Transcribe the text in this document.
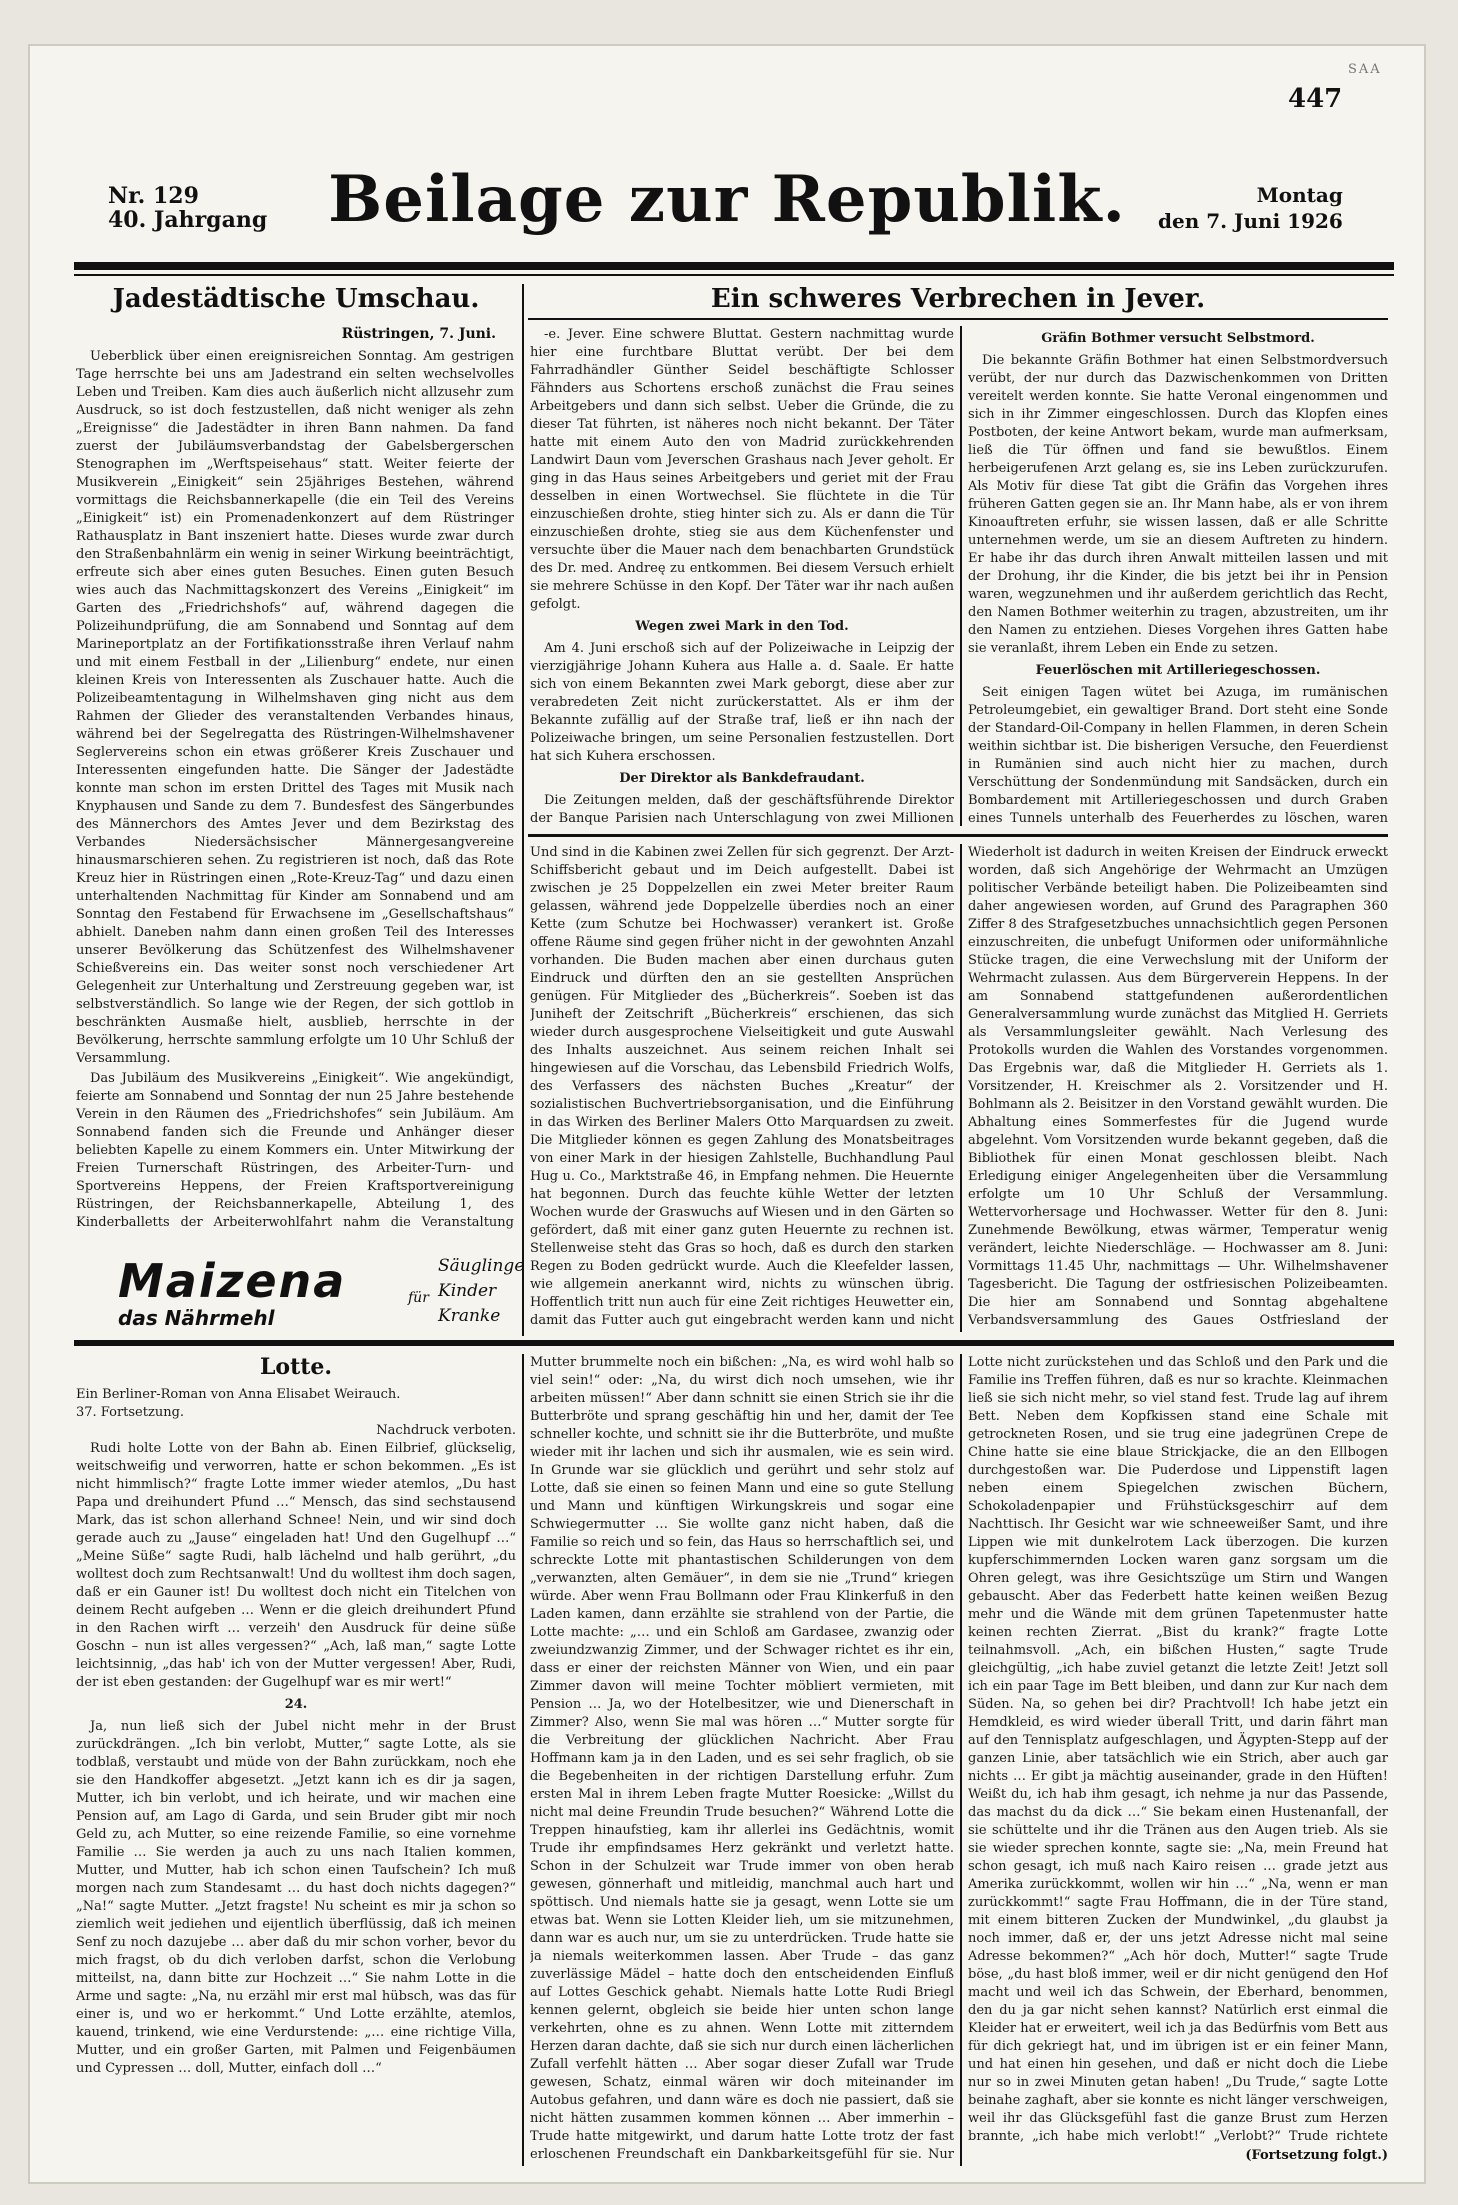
SAA
447
Nr. 129
40. Jahrgang Beilage zur Republik.	Montag
den 7. Juni 1926
Jadestädtische Umschau.
Rüstringen, 7. Juni.

Ueberblick über einen ereignisreichen Sonntag. Am gestrigen Tage herrschte bei uns am Jadestrand ein selten wechselvolles Leben und Treiben. Kam dies auch äußerlich nicht allzusehr zum Ausdruck, so ist doch festzustellen, daß nicht weniger als zehn „Ereignisse“ die Jadestädter in ihren Bann nahmen. Da fand zuerst der Jubiläumsverbandstag der Gabelsbergerschen Stenographen im „Werftspeisehaus“ statt. Weiter feierte der Musikverein „Einigkeit“ sein 25jähriges Bestehen, während vormittags die Reichsbannerkapelle (die ein Teil des Vereins „Einigkeit“ ist) ein Promenadenkonzert auf dem Rüstringer Rathausplatz in Bant inszeniert hatte. Dieses wurde zwar durch den Straßenbahnlärm ein wenig in seiner Wirkung beeinträchtigt, erfreute sich aber eines guten Besuches. Einen guten Besuch wies auch das Nachmittagskonzert des Vereins „Einigkeit“ im Garten des „Friedrichshofs“ auf, während dagegen die Polizeihundprüfung, die am Sonnabend und Sonntag auf dem Marineportplatz an der Fortifikationsstraße ihren Verlauf nahm und mit einem Festball in der „Lilienburg“ endete, nur einen kleinen Kreis von Interessenten als Zuschauer hatte. Auch die Polizeibeamtentagung in Wilhelmshaven ging nicht aus dem Rahmen der Glieder des veranstaltenden Verbandes hinaus, während bei der Segelregatta des Rüstringen-Wilhelmshavener Seglervereins schon ein etwas größerer Kreis Zuschauer und Interessenten eingefunden hatte. Die Sänger der Jadestädte konnte man schon im ersten Drittel des Tages mit Musik nach Knyphausen und Sande zu dem 7. Bundesfest des Sängerbundes des Männerchors des Amtes Jever und dem Bezirkstag des Verbandes Niedersächsischer Männergesangvereine hinausmarschieren sehen. Zu registrieren ist noch, daß das Rote Kreuz hier in Rüstringen einen „Rote-Kreuz-Tag“ und dazu einen unterhaltenden Nachmittag für Kinder am Sonnabend und am Sonntag den Festabend für Erwachsene im „Gesellschaftshaus“ abhielt. Daneben nahm dann einen großen Teil des Interesses unserer Bevölkerung das Schützenfest des Wilhelmshavener Schießvereins ein. Das weiter sonst noch verschiedener Art Gelegenheit zur Unterhaltung und Zerstreuung gegeben war, ist selbstverständlich. So lange wie der Regen, der sich gottlob in beschränkten Ausmaße hielt, ausblieb, herrschte in der Bevölkerung, herrschte sammlung erfolgte um 10 Uhr Schluß der Versammlung.

Das Jubiläum des Musikvereins „Einigkeit“. Wie angekündigt, feierte am Sonnabend und Sonntag der nun 25 Jahre bestehende Verein in den Räumen des „Friedrichshofes“ sein Jubiläum. Am Sonnabend fanden sich die Freunde und Anhänger dieser beliebten Kapelle zu einem Kommers ein. Unter Mitwirkung der Freien Turnerschaft Rüstringen, des Arbeiter-Turn- und Sportvereins Heppens, der Freien Kraftsportvereinigung Rüstringen, der Reichsbannerkapelle, Abteilung 1, des Kinderballetts der Arbeiterwohlfahrt nahm die Veranstaltung

Ein schweres Verbrechen in Jever.

-e. Jever. Eine schwere Bluttat. Gestern nachmittag wurde hier eine furchtbare Bluttat verübt. Der bei dem Fahrradhändler Günther Seidel beschäftigte Schlosser Fähnders aus Schortens erschoß zunächst die Frau seines Arbeitgebers und dann sich selbst. Ueber die Gründe, die zu dieser Tat führten, ist näheres noch nicht bekannt. Der Täter hatte mit einem Auto den von Madrid zurückkehrenden Landwirt Daun vom Jeverschen Grashaus nach Jever geholt. Er ging in das Haus seines Arbeitgebers und geriet mit der Frau desselben in einen Wortwechsel. Sie flüchtete in die Tür einzuschießen drohte, stieg hinter sich zu. Als er dann die Tür einzuschießen drohte, stieg sie aus dem Küchenfenster und versuchte über die Mauer nach dem benachbarten Grundstück des Dr. med. Andreę zu entkommen. Bei diesem Versuch erhielt sie mehrere Schüsse in den Kopf. Der Täter war ihr nach außen gefolgt.

Wegen zwei Mark in den Tod.

Am 4. Juni erschoß sich auf der Polizeiwache in Leipzig der vierzigjährige Johann Kuhera aus Halle a. d. Saale. Er hatte sich von einem Bekannten zwei Mark geborgt, diese aber zur verabredeten Zeit nicht zurückerstattet. Als er ihm der Bekannte zufällig auf der Straße traf, ließ er ihn nach der Polizeiwache bringen, um seine Personalien festzustellen. Dort hat sich Kuhera erschossen.

Der Direktor als Bankdefraudant.

Die Zeitungen melden, daß der geschäftsführende Direktor der Banque Parisien nach Unterschlagung von zwei Millionen

Gräfin Bothmer versucht Selbstmord.

Die bekannte Gräfin Bothmer hat einen Selbstmordversuch verübt, der nur durch das Dazwischenkommen von Dritten vereitelt werden konnte. Sie hatte Veronal eingenommen und sich in ihr Zimmer eingeschlossen. Durch das Klopfen eines Postboten, der keine Antwort bekam, wurde man aufmerksam, ließ die Tür öffnen und fand sie bewußtlos. Einem herbeigerufenen Arzt gelang es, sie ins Leben zurückzurufen. Als Motiv für diese Tat gibt die Gräfin das Vorgehen ihres früheren Gatten gegen sie an. Ihr Mann habe, als er von ihrem Kinoauftreten erfuhr, sie wissen lassen, daß er alle Schritte unternehmen werde, um sie an diesem Auftreten zu hindern. Er habe ihr das durch ihren Anwalt mitteilen lassen und mit der Drohung, ihr die Kinder, die bis jetzt bei ihr in Pension waren, wegzunehmen und ihr außerdem gerichtlich das Recht, den Namen Bothmer weiterhin zu tragen, abzustreiten, um ihr den Namen zu entziehen. Dieses Vorgehen ihres Gatten habe sie veranlaßt, ihrem Leben ein Ende zu setzen.

Feuerlöschen mit Artilleriegeschossen.

Seit einigen Tagen wütet bei Azuga, im rumänischen Petroleumgebiet, ein gewaltiger Brand. Dort steht eine Sonde der Standard-Oil-Company in hellen Flammen, in deren Schein weithin sichtbar ist. Die bisherigen Versuche, den Feuerdienst in Rumänien sind auch nicht hier zu machen, durch Verschüttung der Sondenmündung mit Sandsäcken, durch ein Bombardement mit Artilleriegeschossen und durch Graben eines Tunnels unterhalb des Feuerherdes zu löschen, waren

Und sind in die Kabinen zwei Zellen für sich gegrenzt. Der Arzt-Schiffsbericht gebaut und im Deich aufgestellt. Dabei ist zwischen je 25 Doppelzellen ein zwei Meter breiter Raum gelassen, während jede Doppelzelle überdies noch an einer Kette (zum Schutze bei Hochwasser) verankert ist. Große offene Räume sind gegen früher nicht in der gewohnten Anzahl vorhanden. Die Buden machen aber einen durchaus guten Eindruck und dürften den an sie gestellten Ansprüchen genügen. Für Mitglieder des „Bücherkreis“. Soeben ist das Juniheft der Zeitschrift „Bücherkreis“ erschienen, das sich wieder durch ausgesprochene Vielseitigkeit und gute Auswahl des Inhalts auszeichnet. Aus seinem reichen Inhalt sei hingewiesen auf die Vorschau, das Lebensbild Friedrich Wolfs, des Verfassers des nächsten Buches „Kreatur“ der sozialistischen Buchvertriebsorganisation, und die Einführung in das Wirken des Berliner Malers Otto Marquardsen zu zweit. Die Mitglieder können es gegen Zahlung des Monatsbeitrages von einer Mark in der hiesigen Zahlstelle, Buchhandlung Paul Hug u. Co., Marktstraße 46, in Empfang nehmen. Die Heuernte hat begonnen. Durch das feuchte kühle Wetter der letzten Wochen wurde der Graswuchs auf Wiesen und in den Gärten so gefördert, daß mit einer ganz guten Heuernte zu rechnen ist. Stellenweise steht das Gras so hoch, daß es durch den starken Regen zu Boden gedrückt wurde. Auch die Kleefelder lassen, wie allgemein anerkannt wird, nichts zu wünschen übrig. Hoffentlich tritt nun auch für eine Zeit richtiges Heuwetter ein, damit das Futter auch gut eingebracht werden kann und nicht
Wiederholt ist dadurch in weiten Kreisen der Eindruck erweckt worden, daß sich Angehörige der Wehrmacht an Umzügen politischer Verbände beteiligt haben. Die Polizeibeamten sind daher angewiesen worden, auf Grund des Paragraphen 360 Ziffer 8 des Strafgesetzbuches unnachsichtlich gegen Personen einzuschreiten, die unbefugt Uniformen oder uniformähnliche Stücke tragen, die eine Verwechslung mit der Uniform der Wehrmacht zulassen. Aus dem Bürgerverein Heppens. In der am Sonnabend stattgefundenen außerordentlichen Generalversammlung wurde zunächst das Mitglied H. Gerriets als Versammlungsleiter gewählt. Nach Verlesung des Protokolls wurden die Wahlen des Vorstandes vorgenommen. Das Ergebnis war, daß die Mitglieder H. Gerriets als 1. Vorsitzender, H. Kreischmer als 2. Vorsitzender und H. Bohlmann als 2. Beisitzer in den Vorstand gewählt wurden. Die Abhaltung eines Sommerfestes für die Jugend wurde abgelehnt. Vom Vorsitzenden wurde bekannt gegeben, daß die Bibliothek für einen Monat geschlossen bleibt. Nach Erledigung einiger Angelegenheiten über die Versammlung erfolgte um 10 Uhr Schluß der Versammlung. Wettervorhersage und Hochwasser. Wetter für den 8. Juni: Zunehmende Bewölkung, etwas wärmer, Temperatur wenig verändert, leichte Niederschläge. — Hochwasser am 8. Juni: Vormittags 11.45 Uhr, nachmittags — Uhr. Wilhelmshavener Tagesbericht. Die Tagung der ostfriesischen Polizeibeamten. Die hier am Sonnabend und Sonntag abgehaltene Verbandsversammlung des Gaues Ostfriesland der
Maizena
das Nährmehl
für
Säuglinge
Kinder
Kranke
Lotte.
Ein Berliner-Roman von Anna Elisabet Weirauch.
37. Fortsetzung.
Nachdruck verboten.

Rudi holte Lotte von der Bahn ab. Einen Eilbrief, glückselig, weitschweifig und verworren, hatte er schon bekommen. „Es ist nicht himmlisch?“ fragte Lotte immer wieder atemlos, „Du hast Papa und dreihundert Pfund …“ Mensch, das sind sechstausend Mark, das ist schon allerhand Schnee! Nein, und wir sind doch gerade auch zu „Jause“ eingeladen hat! Und den Gugelhupf …“ „Meine Süße“ sagte Rudi, halb lächelnd und halb gerührt, „du wolltest doch zum Rechtsanwalt! Und du wolltest ihm doch sagen, daß er ein Gauner ist! Du wolltest doch nicht ein Titelchen von deinem Recht aufgeben … Wenn er die gleich dreihundert Pfund in den Rachen wirft … verzeih' den Ausdruck für deine süße Goschn – nun ist alles vergessen?“ „Ach, laß man,“ sagte Lotte leichtsinnig, „das hab' ich von der Mutter vergessen! Aber, Rudi, der ist eben gestanden: der Gugelhupf war es mir wert!“

24.

Ja, nun ließ sich der Jubel nicht mehr in der Brust zurückdrängen. „Ich bin verlobt, Mutter,“ sagte Lotte, als sie todblaß, verstaubt und müde von der Bahn zurückkam, noch ehe sie den Handkoffer abgesetzt. „Jetzt kann ich es dir ja sagen, Mutter, ich bin verlobt, und ich heirate, und wir machen eine Pension auf, am Lago di Garda, und sein Bruder gibt mir noch Geld zu, ach Mutter, so eine reizende Familie, so eine vornehme Familie … Sie werden ja auch zu uns nach Italien kommen, Mutter, und Mutter, hab ich schon einen Taufschein? Ich muß morgen nach zum Standesamt … du hast doch nichts dagegen?“ „Na!“ sagte Mutter. „Jetzt fragste! Nu scheint es mir ja schon so ziemlich weit jediehen und eijentlich überflüssig, daß ich meinen Senf zu noch dazujebe … aber daß du mir schon vorher, bevor du mich fragst, ob du dich verloben darfst, schon die Verlobung mitteilst, na, dann bitte zur Hochzeit …“ Sie nahm Lotte in die Arme und sagte: „Na, nu erzähl mir erst mal hübsch, was das für einer is, und wo er herkommt.“ Und Lotte erzählte, atemlos, kauend, trinkend, wie eine Verdurstende: „… eine richtige Villa, Mutter, und ein großer Garten, mit Palmen und Feigenbäumen und Cypressen … doll, Mutter, einfach doll …“

Mutter brummelte noch ein bißchen: „Na, es wird wohl halb so viel sein!“ oder: „Na, du wirst dich noch umsehen, wie ihr arbeiten müssen!“ Aber dann schnitt sie einen Strich sie ihr die Butterbröte und sprang geschäftig hin und her, damit der Tee schneller kochte, und schnitt sie ihr die Butterbröte, und mußte wieder mit ihr lachen und sich ihr ausmalen, wie es sein wird. In Grunde war sie glücklich und gerührt und sehr stolz auf Lotte, daß sie einen so feinen Mann und eine so gute Stellung und Mann und künftigen Wirkungskreis und sogar eine Schwiegermutter … Sie wollte ganz nicht haben, daß die Familie so reich und so fein, das Haus so herrschaftlich sei, und schreckte Lotte mit phantastischen Schilderungen von dem „verwanzten, alten Gemäuer“, in dem sie nie „Trund“ kriegen würde. Aber wenn Frau Bollmann oder Frau Klinkerfuß in den Laden kamen, dann erzählte sie strahlend von der Partie, die Lotte machte: „… und ein Schloß am Gardasee, zwanzig oder zweiundzwanzig Zimmer, und der Schwager richtet es ihr ein, dass er einer der reichsten Männer von Wien, und ein paar Zimmer davon will meine Tochter möbliert vermieten, mit Pension … Ja, wo der Hotelbesitzer, wie und Dienerschaft in Zimmer? Also, wenn Sie mal was hören …“ Mutter sorgte für die Verbreitung der glücklichen Nachricht. Aber Frau Hoffmann kam ja in den Laden, und es sei sehr fraglich, ob sie die Begebenheiten in der richtigen Darstellung erfuhr. Zum ersten Mal in ihrem Leben fragte Mutter Roesicke: „Willst du nicht mal deine Freundin Trude besuchen?“ Während Lotte die Treppen hinaufstieg, kam ihr allerlei ins Gedächtnis, womit Trude ihr empfindsames Herz gekränkt und verletzt hatte. Schon in der Schulzeit war Trude immer von oben herab gewesen, gönnerhaft und mitleidig, manchmal auch hart und spöttisch. Und niemals hatte sie ja gesagt, wenn Lotte sie um etwas bat. Wenn sie Lotten Kleider lieh, um sie mitzunehmen, dann war es auch nur, um sie zu unterdrücken. Trude hatte sie ja niemals weiterkommen lassen. Aber Trude – das ganz zuverlässige Mädel – hatte doch den entscheidenden Einfluß auf Lottes Geschick gehabt. Niemals hatte Lotte Rudi Briegl kennen gelernt, obgleich sie beide hier unten schon lange verkehrten, ohne es zu ahnen. Wenn Lotte mit zitterndem Herzen daran dachte, daß sie sich nur durch einen lächerlichen Zufall verfehlt hätten … Aber sogar dieser Zufall war Trude gewesen, Schatz, einmal wären wir doch miteinander im Autobus gefahren, und dann wäre es doch nie passiert, daß sie nicht hätten zusammen kommen können … Aber immerhin – Trude hatte mitgewirkt, und darum hatte Lotte trotz der fast erloschenen Freundschaft ein Dankbarkeitsgefühl für sie. Nur
Lotte nicht zurückstehen und das Schloß und den Park und die Familie ins Treffen führen, daß es nur so krachte. Kleinmachen ließ sie sich nicht mehr, so viel stand fest. Trude lag auf ihrem Bett. Neben dem Kopfkissen stand eine Schale mit getrockneten Rosen, und sie trug eine jadegrünen Crepe de Chine hatte sie eine blaue Strickjacke, die an den Ellbogen durchgestoßen war. Die Puderdose und Lippenstift lagen neben einem Spiegelchen zwischen Büchern, Schokoladenpapier und Frühstücksgeschirr auf dem Nachttisch. Ihr Gesicht war wie schneeweißer Samt, und ihre Lippen wie mit dunkelrotem Lack überzogen. Die kurzen kupferschimmernden Locken waren ganz sorgsam um die Ohren gelegt, was ihre Gesichtszüge um Stirn und Wangen gebauscht. Aber das Federbett hatte keinen weißen Bezug mehr und die Wände mit dem grünen Tapetenmuster hatte keinen rechten Zierrat. „Bist du krank?“ fragte Lotte teilnahmsvoll. „Ach, ein bißchen Husten,“ sagte Trude gleichgültig, „ich habe zuviel getanzt die letzte Zeit! Jetzt soll ich ein paar Tage im Bett bleiben, und dann zur Kur nach dem Süden. Na, so gehen bei dir? Prachtvoll! Ich habe jetzt ein Hemdkleid, es wird wieder überall Tritt, und darin fährt man auf den Tennisplatz aufgeschlagen, und Ägypten-Stepp auf der ganzen Linie, aber tatsächlich wie ein Strich, aber auch gar nichts … Er gibt ja mächtig auseinander, grade in den Hüften! Weißt du, ich hab ihm gesagt, ich nehme ja nur das Passende, das machst du da dick …“ Sie bekam einen Hustenanfall, der sie schüttelte und ihr die Tränen aus den Augen trieb. Als sie sie wieder sprechen konnte, sagte sie: „Na, mein Freund hat schon gesagt, ich muß nach Kairo reisen … grade jetzt aus Amerika zurückkommt, wollen wir hin …“ „Na, wenn er man zurückkommt!“ sagte Frau Hoffmann, die in der Türe stand, mit einem bitteren Zucken der Mundwinkel, „du glaubst ja noch immer, daß er, der uns jetzt Adresse nicht mal seine Adresse bekommen?“ „Ach hör doch, Mutter!“ sagte Trude böse, „du hast bloß immer, weil er dir nicht genügend den Hof macht und weil ich das Schwein, der Eberhard, benommen, den du ja gar nicht sehen kannst? Natürlich erst einmal die Kleider hat er erweitert, weil ich ja das Bedürfnis vom Bett aus für dich gekriegt hat, und im übrigen ist er ein feiner Mann, und hat einen hin gesehen, und daß er nicht doch die Liebe nur so in zwei Minuten getan haben! „Du Trude,“ sagte Lotte beinahe zaghaft, aber sie konnte es nicht länger verschweigen, weil ihr das Glücksgefühl fast die ganze Brust zum Herzen brannte, „ich habe mich verlobt!“ „Verlobt?“ Trude richtete
(Fortsetzung folgt.)
